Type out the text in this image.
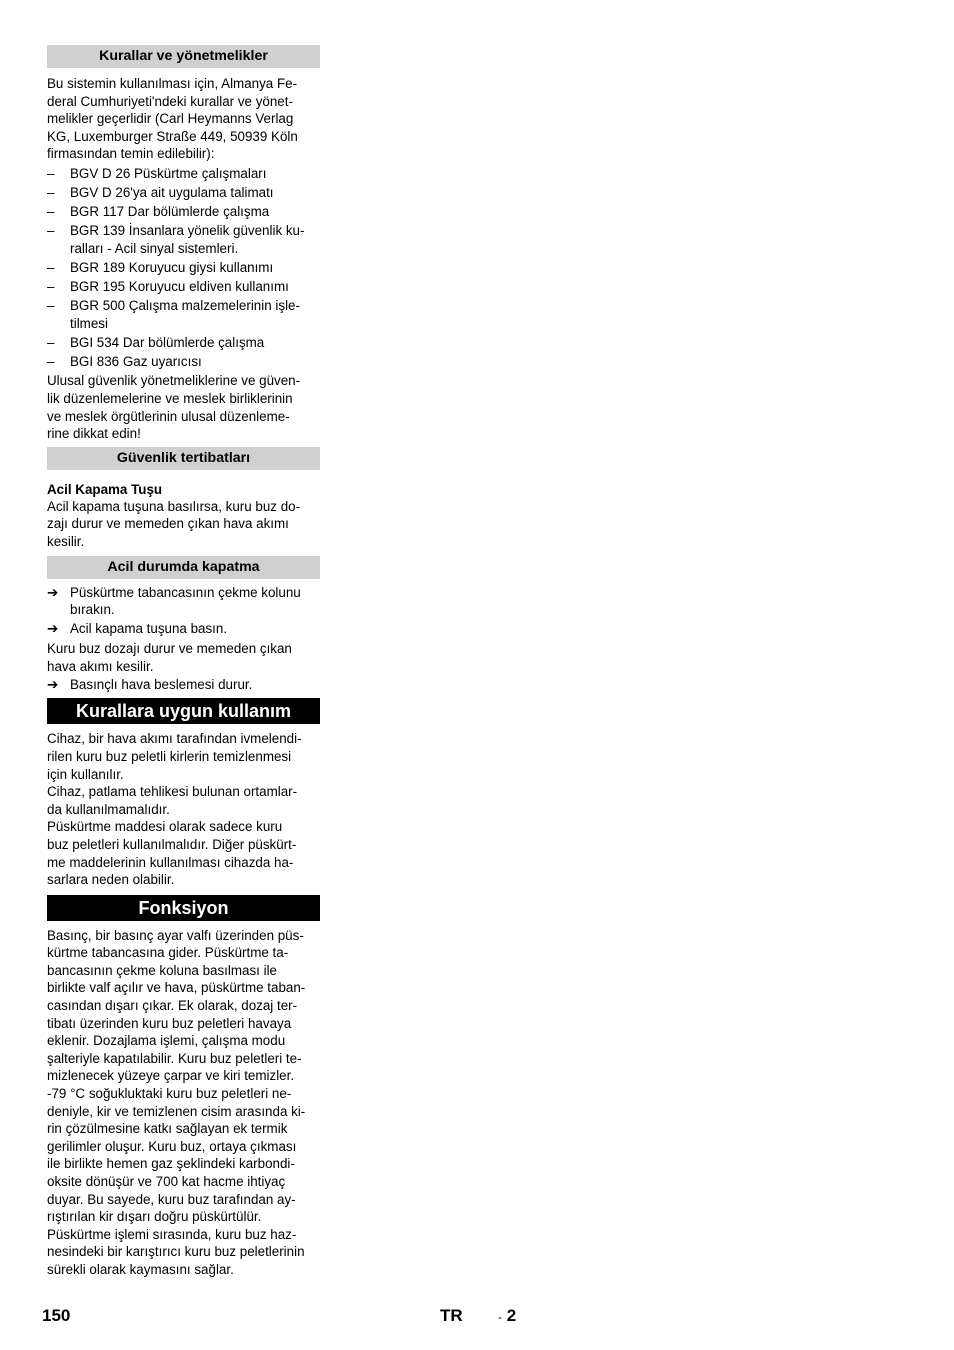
Kurallar ve yönetmelikler
Bu sistemin kullanılması için, Almanya Fe-
deral Cumhuriyeti'ndeki kurallar ve yönet-
melikler geçerlidir (Carl Heymanns Verlag
KG, Luxemburger Straße 449, 50939 Köln
firmasından temin edilebilir):
–	BGV D 26 Püskürtme çalışmaları
–	BGV D 26'ya ait uygulama talimatı
–	BGR 117 Dar bölümlerde çalışma
–	BGR 139 İnsanlara yönelik güvenlik ku-
ralları - Acil sinyal sistemleri.
–	BGR 189 Koruyucu giysi kullanımı
–	BGR 195 Koruyucu eldiven kullanımı
–	BGR 500 Çalışma malzemelerinin işle-
tilmesi
–	BGI 534 Dar bölümlerde çalışma
–	BGI 836 Gaz uyarıcısı
Ulusal güvenlik yönetmeliklerine ve güven-
lik düzenlemelerine ve meslek birliklerinin
ve meslek örgütlerinin ulusal düzenleme-
rine dikkat edin!
Güvenlik tertibatları
Acil Kapama Tuşu
Acil kapama tuşuna basılırsa, kuru buz do-
zajı durur ve memeden çıkan hava akımı
kesilir.
Acil durumda kapatma
➔ Püskürtme tabancasının çekme kolunu
bırakın.
➔ Acil kapama tuşuna basın.
Kuru buz dozajı durur ve memeden çıkan
hava akımı kesilir.
➔ Basınçlı hava beslemesi durur.
Kurallara uygun kullanım
Cihaz, bir hava akımı tarafından ivmelendi-
rilen kuru buz peletli kirlerin temizlenmesi
için kullanılır.
Cihaz, patlama tehlikesi bulunan ortamlar-
da kullanılmamalıdır.
Püskürtme maddesi olarak sadece kuru
buz peletleri kullanılmalıdır. Diğer püskürt-
me maddelerinin kullanılması cihazda ha-
sarlara neden olabilir.
Fonksiyon
Basınç, bir basınç ayar valfı üzerinden püs-
kürtme tabancasına gider. Püskürtme ta-
bancasının çekme koluna basılması ile
birlikte valf açılır ve hava, püskürtme taban-
casından dışarı çıkar. Ek olarak, dozaj ter-
tibatı üzerinden kuru buz peletleri havaya
eklenir. Dozajlama işlemi, çalışma modu
şalteriyle kapatılabilir. Kuru buz peletleri te-
mizlenecek yüzeye çarpar ve kiri temizler.
-79 °C soğukluktaki kuru buz peletleri ne-
deniyle, kir ve temizlenen cisim arasında ki-
rin çözülmesine katkı sağlayan ek termik
gerilimler oluşur. Kuru buz, ortaya çıkması
ile birlikte hemen gaz şeklindeki karbondi-
oksite dönüşür ve 700 kat hacme ihtiyaç
duyar. Bu sayede, kuru buz tarafından ay-
rıştırılan kir dışarı doğru püskürtülür.
Püskürtme işlemi sırasında, kuru buz haz-
nesindeki bir karıştırıcı kuru buz peletlerinin
sürekli olarak kaymasını sağlar.
150	TR	- 2
